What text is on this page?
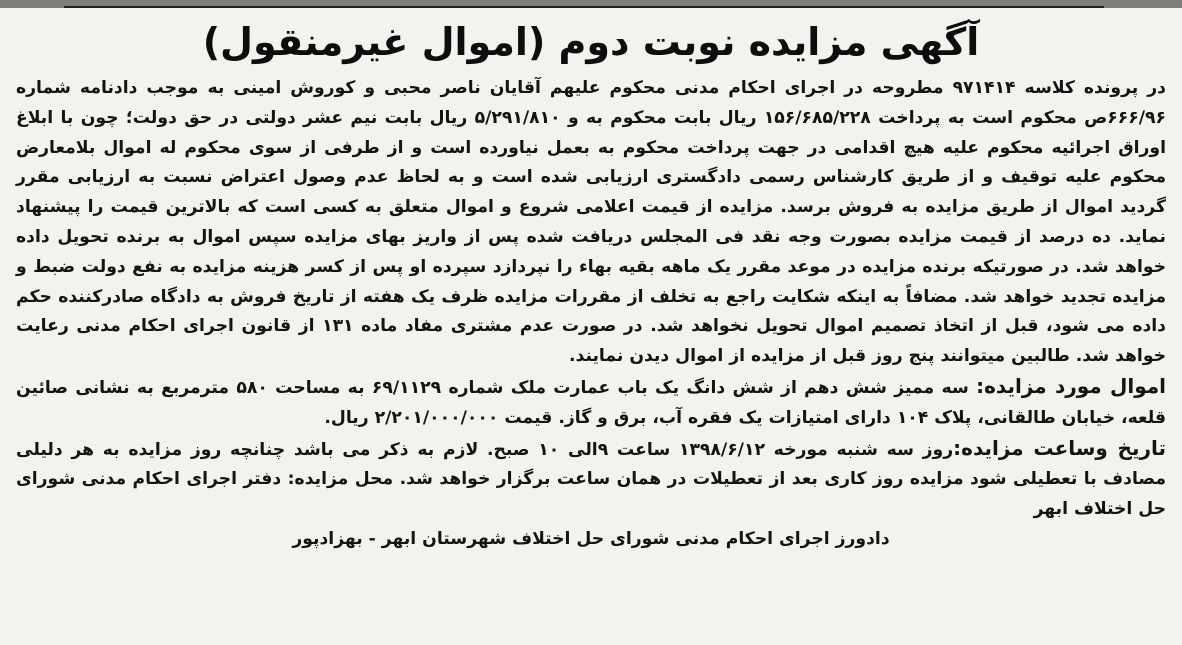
آگهی مزایده نوبت دوم (اموال غیرمنقول)

در پرونده کلاسه ۹۷۱۴۱۴ مطروحه در اجرای احکام مدنی محکوم علیهم آقایان ناصر محبی و کوروش امینی به موجب دادنامه شماره ۶۶۶/۹۶ص محکوم است به پرداخت ۱۵۶/۶۸۵/۲۲۸ ریال بابت محکوم به و ۵/۲۹۱/۸۱۰ ریال بابت نیم عشر دولتی در حق دولت؛ چون با ابلاغ اوراق اجرائیه محکوم علیه هیچ اقدامی در جهت پرداخت محکوم به بعمل نیاورده است و از طرفی از سوی محکوم له اموال بلامعارض محکوم علیه توقیف و از طریق کارشناس رسمی دادگستری ارزیابی شده است و به لحاظ عدم وصول اعتراض نسبت به ارزیابی مقرر گردید اموال از طریق مزایده به فروش برسد. مزایده از قیمت اعلامی شروع و اموال متعلق به کسی است که بالاترین قیمت را پیشنهاد نماید. ده درصد از قیمت مزایده بصورت وجه نقد فی المجلس دریافت شده پس از واریز بهای مزایده سپس اموال به برنده تحویل داده خواهد شد. در صورتیکه برنده مزایده در موعد مقرر یک ماهه بقیه بهاء را نپردازد سپرده او پس از کسر هزینه مزایده به نفع دولت ضبط و مزایده تجدید خواهد شد. مضافاً به اینکه شکایت راجع به تخلف از مقررات مزایده ظرف یک هفته از تاریخ فروش به دادگاه صادرکننده حکم داده می شود، قبل از اتخاذ تصمیم اموال تحویل نخواهد شد. در صورت عدم مشتری مفاد ماده ۱۳۱ از قانون اجرای احکام مدنی رعایت خواهد شد. طالبین میتوانند پنج روز قبل از مزایده از اموال دیدن نمایند.

اموال مورد مزایده: سه ممیز شش دهم از شش دانگ یک باب عمارت ملک شماره ۶۹/۱۱۲۹ به مساحت ۵۸۰ مترمربع به نشانی صائین قلعه، خیابان طالقانی، پلاک ۱۰۴ دارای امتیازات یک فقره آب، برق و گاز. قیمت ۲/۲۰۱/۰۰۰/۰۰۰ ریال.

تاریخ وساعت مزایده:روز سه شنبه مورخه ۱۳۹۸/۶/۱۲ ساعت ۹الی ۱۰ صبح. لازم به ذکر می باشد چنانچه روز مزایده به هر دلیلی مصادف با تعطیلی شود مزایده روز کاری بعد از تعطیلات در همان ساعت برگزار خواهد شد. محل مزایده: دفتر اجرای احکام مدنی شورای حل اختلاف ابهر

دادورز اجرای احکام مدنی شورای حل اختلاف شهرستان ابهر - بهزادپور
